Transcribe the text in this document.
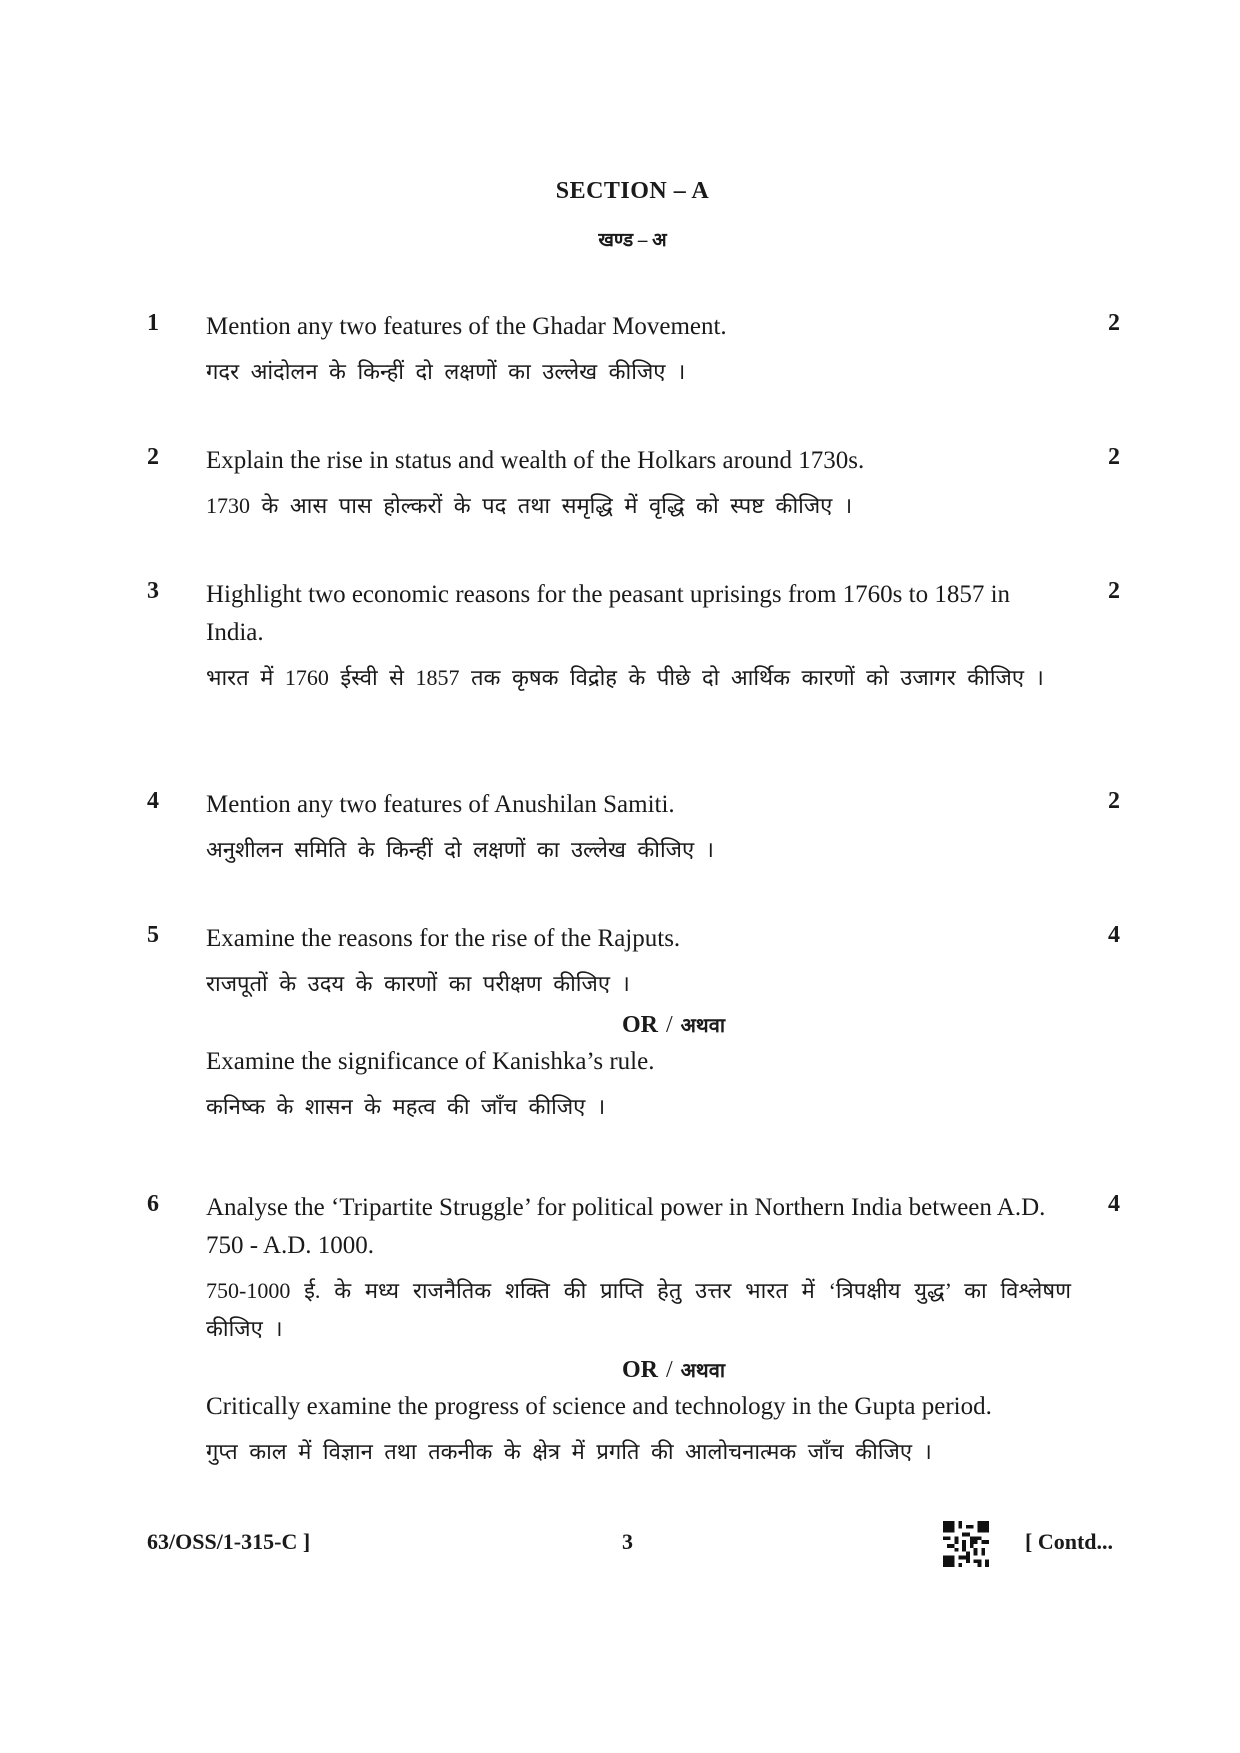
SECTION – A
खण्ड – अ
1 Mention any two features of the Ghadar Movement.

गदर आंदोलन के किन्हीं दो लक्षणों का उल्लेख कीजिए ।

2
2 Explain the rise in status and wealth of the Holkars around 1730s.

1730 के आस पास होल्करों के पद तथा समृद्धि में वृद्धि को स्पष्ट कीजिए ।

2
3 Highlight two economic reasons for the peasant uprisings from 1760s to 1857 in India.

भारत में 1760 ईस्वी से 1857 तक कृषक विद्रोह के पीछे दो आर्थिक कारणों को उजागर कीजिए ।

2
4 Mention any two features of Anushilan Samiti.

अनुशीलन समिति के किन्हीं दो लक्षणों का उल्लेख कीजिए ।

2
5 Examine the reasons for the rise of the Rajputs.

राजपूतों के उदय के कारणों का परीक्षण कीजिए ।

OR / अथवा

Examine the significance of Kanishka’s rule.

कनिष्क के शासन के महत्व की जाँच कीजिए ।

4
6 Analyse the ‘Tripartite Struggle’ for political power in Northern India between A.D. 750 - A.D. 1000.

750-1000 ई. के मध्य राजनैतिक शक्ति की प्राप्ति हेतु उत्तर भारत में ‘त्रिपक्षीय युद्ध’ का विश्लेषण कीजिए ।

OR / अथवा

Critically examine the progress of science and technology in the Gupta period.

गुप्त काल में विज्ञान तथा तकनीक के क्षेत्र में प्रगति की आलोचनात्मक जाँच कीजिए ।

4
63/OSS/1-315-C ]	3	[ Contd...
